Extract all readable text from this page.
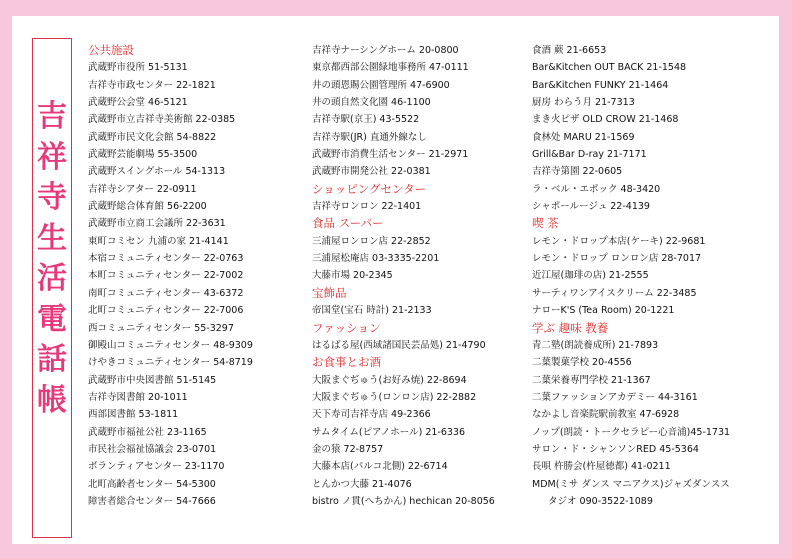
吉
祥
寺
生
活
電
話
帳
公共施設
武蔵野市役所 51-5131
吉祥寺市政センター 22-1821
武蔵野公会堂 46-5121
武蔵野市立吉祥寺美術館 22-0385
武蔵野市民文化会館 54-8822
武蔵野芸能劇場 55-3500
武蔵野スイングホール 54-1313
吉祥寺シアター 22-0911
武蔵野総合体育館 56-2200
武蔵野市立商工会議所 22-3631
東町コミセン 九浦の家 21-4141
本宿コミュニティセンター 22-0763
本町コミュニティセンター 22-7002
南町コミュニティセンター 43-6372
北町コミュニティセンター 22-7006
西コミュニティセンター 55-3297
御殿山コミュニティセンター 48-9309
けやきコミュニティセンター 54-8719
武蔵野市中央図書館 51-5145
吉祥寺図書館 20-1011
西部図書館 53-1811
武蔵野市福祉公社 23-1165
市民社会福祉協議会 23-0701
ボランティアセンター 23-1170
北町高齢者センター 54-5300
障害者総合センター 54-7666
吉祥寺ナーシングホーム 20-0800
東京都西部公園緑地事務所 47-0111
井の頭恩賜公園管理所 47-6900
井の頭自然文化園 46-1100
吉祥寺駅(京王) 43-5522
吉祥寺駅(JR) 直通外線なし
武蔵野市消費生活センター 21-2971
武蔵野市開発公社 22-0381
ショッピングセンター
吉祥寺ロンロン 22-1401
食品 スーパー
三浦屋ロンロン店 22-2852
三浦屋松庵店 03-3335-2201
大藤市場 20-2345
宝飾品
帝国堂(宝石 時計) 21-2133
ファッション
はるばる屋(西域諸国民芸品処) 21-4790
お食事とお酒
大阪まぐぢゅう(お好み焼) 22-8694
大阪まぐぢゅう(ロンロン店) 22-2882
天下寿司吉祥寺店 49-2366
サムタイム(ピアノホール) 21-6336
金の猿 72-8757
大藤本店(パルコ北側) 22-6714
とんかつ大藤 21-4076
bistro ノ貫(へちかん) hechican 20-8056
食酒 蕨 21-6653
Bar&Kitchen OUT BACK 21-1548
Bar&Kitchen FUNKY 21-1464
厨房 わらう月 21-7313
まき火ピザ OLD CROW 21-1468
食林处 MARU 21-1569
Grill&Bar D-ray 21-7171
吉祥寺第園 22-0605
ラ・ベル・エポック 48-3420
シャポールージュ 22-4139
喫 茶
レモン・ドロップ本店(ケーキ) 22-9681
レモン・ドロップ ロンロン店 28-7017
近江屋(珈琲の店) 21-2555
サーティワンアイスクリーム 22-3485
ナローK'S (Tea Room) 20-1221
学ぶ 趣味 教養
青二塾(朗読養成所) 21-7893
二葉製菓学校 20-4556
二葉栄養専門学校 21-1367
二葉ファッションアカデミー 44-3161
なかよし音楽院駅前教室 47-6928
ノップ(朗読・トークセラピー心音浦)45-1731
サロン・ド・シャンソンRED 45-5364
長唄 杵勝会(杵屋徳都) 41-0211
MDM(ミサ ダンス マニアクス)ジャズダンスス
タジオ 090-3522-1089
